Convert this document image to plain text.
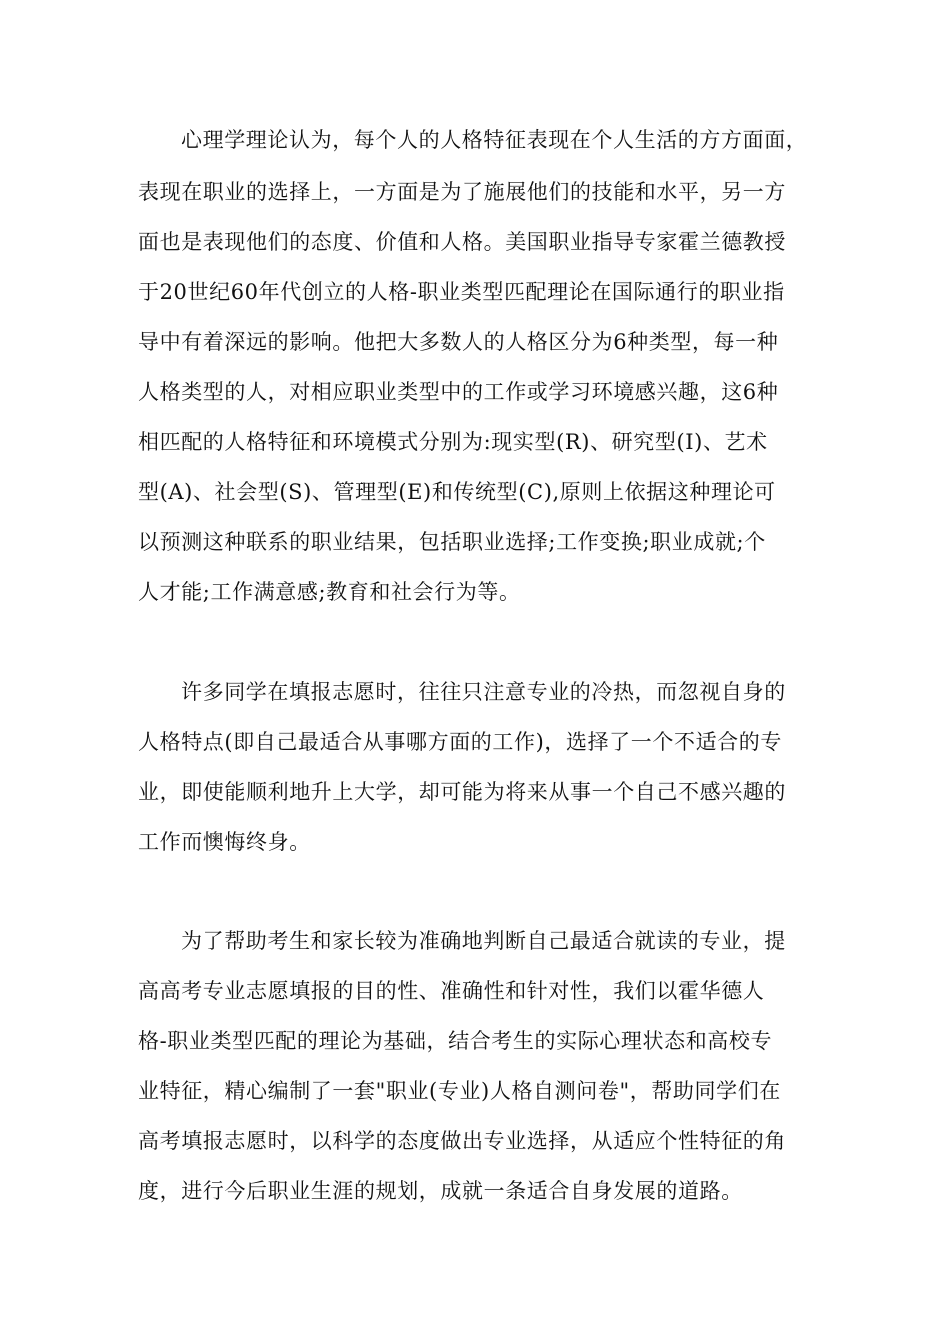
心理学理论认为，每个人的人格特征表现在个人生活的方方面面，

表现在职业的选择上，一方面是为了施展他们的技能和水平，另一方

面也是表现他们的态度、价值和人格。美国职业指导专家霍兰德教授

于20世纪60年代创立的人格-职业类型匹配理论在国际通行的职业指

导中有着深远的影响。他把大多数人的人格区分为6种类型，每一种

人格类型的人，对相应职业类型中的工作或学习环境感兴趣，这6种

相匹配的人格特征和环境模式分别为:现实型(R)、研究型(I)、艺术

型(A)、社会型(S)、管理型(E)和传统型(C),原则上依据这种理论可

以预测这种联系的职业结果，包括职业选择;工作变换;职业成就;个

人才能;工作满意感;教育和社会行为等。

许多同学在填报志愿时，往往只注意专业的冷热，而忽视自身的

人格特点(即自己最适合从事哪方面的工作)，选择了一个不适合的专

业，即使能顺利地升上大学，却可能为将来从事一个自己不感兴趣的

工作而懊悔终身。

为了帮助考生和家长较为准确地判断自己最适合就读的专业，提

高高考专业志愿填报的目的性、准确性和针对性，我们以霍华德人

格-职业类型匹配的理论为基础，结合考生的实际心理状态和高校专

业特征，精心编制了一套"职业(专业)人格自测问卷"，帮助同学们在

高考填报志愿时，以科学的态度做出专业选择，从适应个性特征的角

度，进行今后职业生涯的规划，成就一条适合自身发展的道路。
